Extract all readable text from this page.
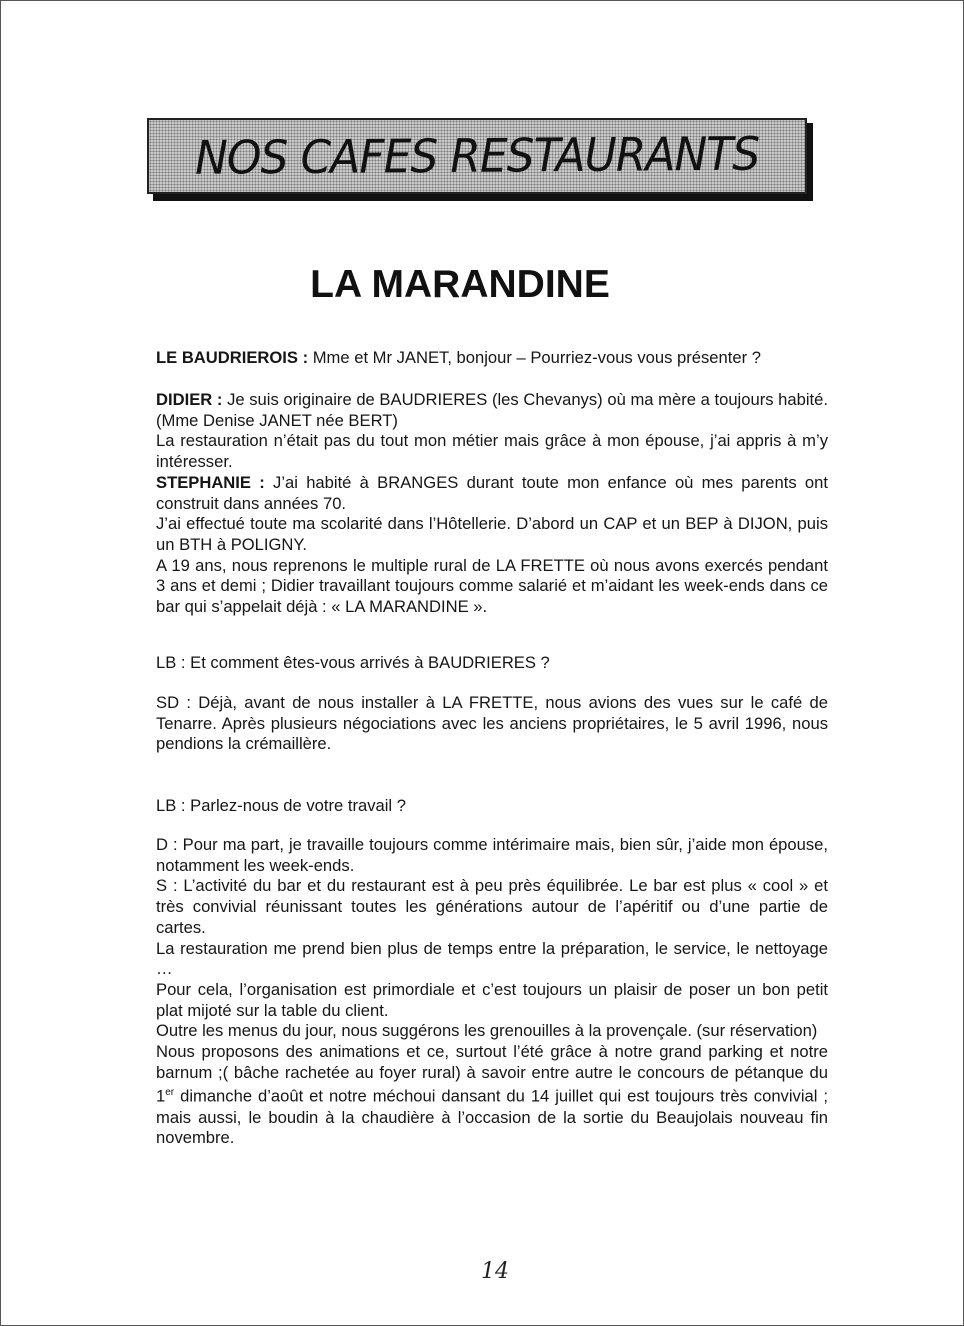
NOS CAFES RESTAURANTS
LA MARANDINE
LE BAUDRIEROIS : Mme et Mr JANET, bonjour – Pourriez-vous vous présenter ?
DIDIER : Je suis originaire de BAUDRIERES (les Chevanys) où ma mère a toujours habité. (Mme Denise JANET née BERT)
La restauration n’était pas du tout mon métier mais grâce à mon épouse, j’ai appris à m’y intéresser.
STEPHANIE : J’ai habité à BRANGES durant toute mon enfance où mes parents ont construit dans années 70.
J’ai effectué toute ma scolarité dans l’Hôtellerie. D’abord un CAP et un BEP à DIJON, puis un BTH à POLIGNY.
A 19 ans, nous reprenons le multiple rural de LA FRETTE où nous avons exercés pendant 3 ans et demi ; Didier travaillant toujours comme salarié et m’aidant les week-ends dans ce bar qui s’appelait déjà : « LA MARANDINE ».
LB : Et comment êtes-vous arrivés à BAUDRIERES ?
SD : Déjà, avant de nous installer à LA FRETTE, nous avions des vues sur le café de Tenarre. Après plusieurs négociations avec les anciens propriétaires, le 5 avril 1996, nous pendions la crémaillère.
LB : Parlez-nous de votre travail ?
D : Pour ma part, je travaille toujours comme intérimaire mais, bien sûr, j’aide mon épouse, notamment les week-ends.
S : L’activité du bar et du restaurant est à peu près équilibrée. Le bar est plus « cool » et très convivial réunissant toutes les générations autour de l’apéritif ou d’une partie de cartes.
La restauration me prend bien plus de temps entre la préparation, le service, le nettoyage …
Pour cela, l’organisation est primordiale et c’est toujours un plaisir de poser un bon petit plat mijoté sur la table du client.
Outre les menus du jour, nous suggérons les grenouilles à la provençale. (sur réservation)
Nous proposons des animations et ce, surtout l’été grâce à notre grand parking et notre barnum ;( bâche rachetée au foyer rural) à savoir entre autre le concours de pétanque du 1er dimanche d’août et notre méchoui dansant du 14 juillet qui est toujours très convivial ; mais aussi, le boudin à la chaudière à l’occasion de la sortie du Beaujolais nouveau fin novembre.
14
